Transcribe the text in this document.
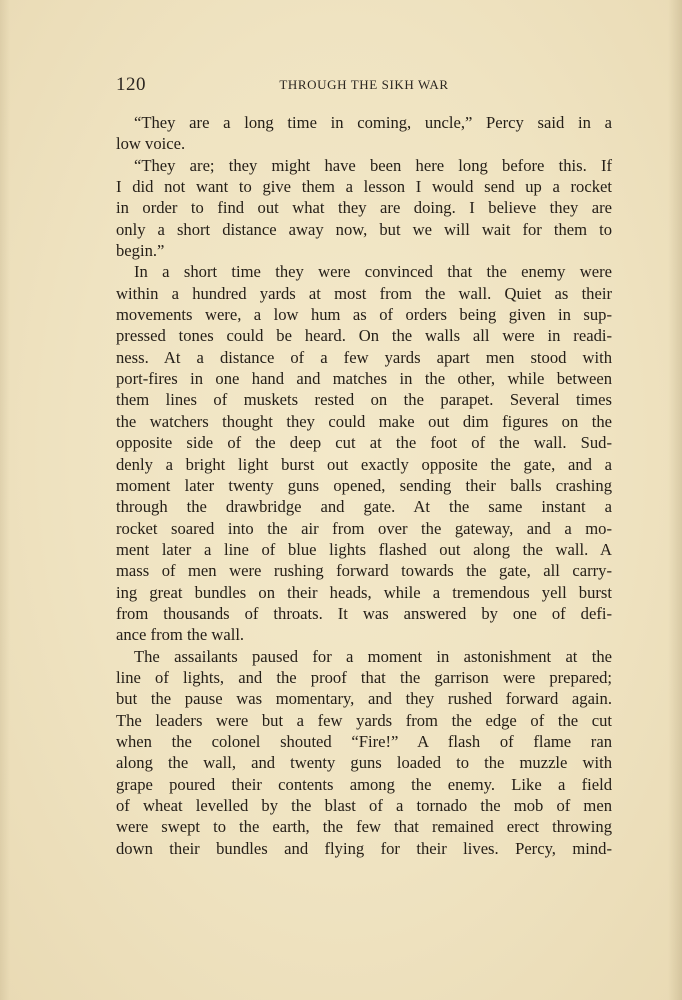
120	THROUGH THE SIKH WAR
“They are a long time in coming, uncle,” Percy said in a
low voice.
“They are; they might have been here long before this. If
I did not want to give them a lesson I would send up a rocket
in order to find out what they are doing. I believe they are
only a short distance away now, but we will wait for them to
begin.”
In a short time they were convinced that the enemy were
within a hundred yards at most from the wall. Quiet as their
movements were, a low hum as of orders being given in sup-
pressed tones could be heard. On the walls all were in readi-
ness. At a distance of a few yards apart men stood with
port-fires in one hand and matches in the other, while between
them lines of muskets rested on the parapet. Several times
the watchers thought they could make out dim figures on the
opposite side of the deep cut at the foot of the wall. Sud-
denly a bright light burst out exactly opposite the gate, and a
moment later twenty guns opened, sending their balls crashing
through the drawbridge and gate. At the same instant a
rocket soared into the air from over the gateway, and a mo-
ment later a line of blue lights flashed out along the wall. A
mass of men were rushing forward towards the gate, all carry-
ing great bundles on their heads, while a tremendous yell burst
from thousands of throats. It was answered by one of defi-
ance from the wall.
The assailants paused for a moment in astonishment at the
line of lights, and the proof that the garrison were prepared;
but the pause was momentary, and they rushed forward again.
The leaders were but a few yards from the edge of the cut
when the colonel shouted “Fire!” A flash of flame ran
along the wall, and twenty guns loaded to the muzzle with
grape poured their contents among the enemy. Like a field
of wheat levelled by the blast of a tornado the mob of men
were swept to the earth, the few that remained erect throwing
down their bundles and flying for their lives. Percy, mind-
